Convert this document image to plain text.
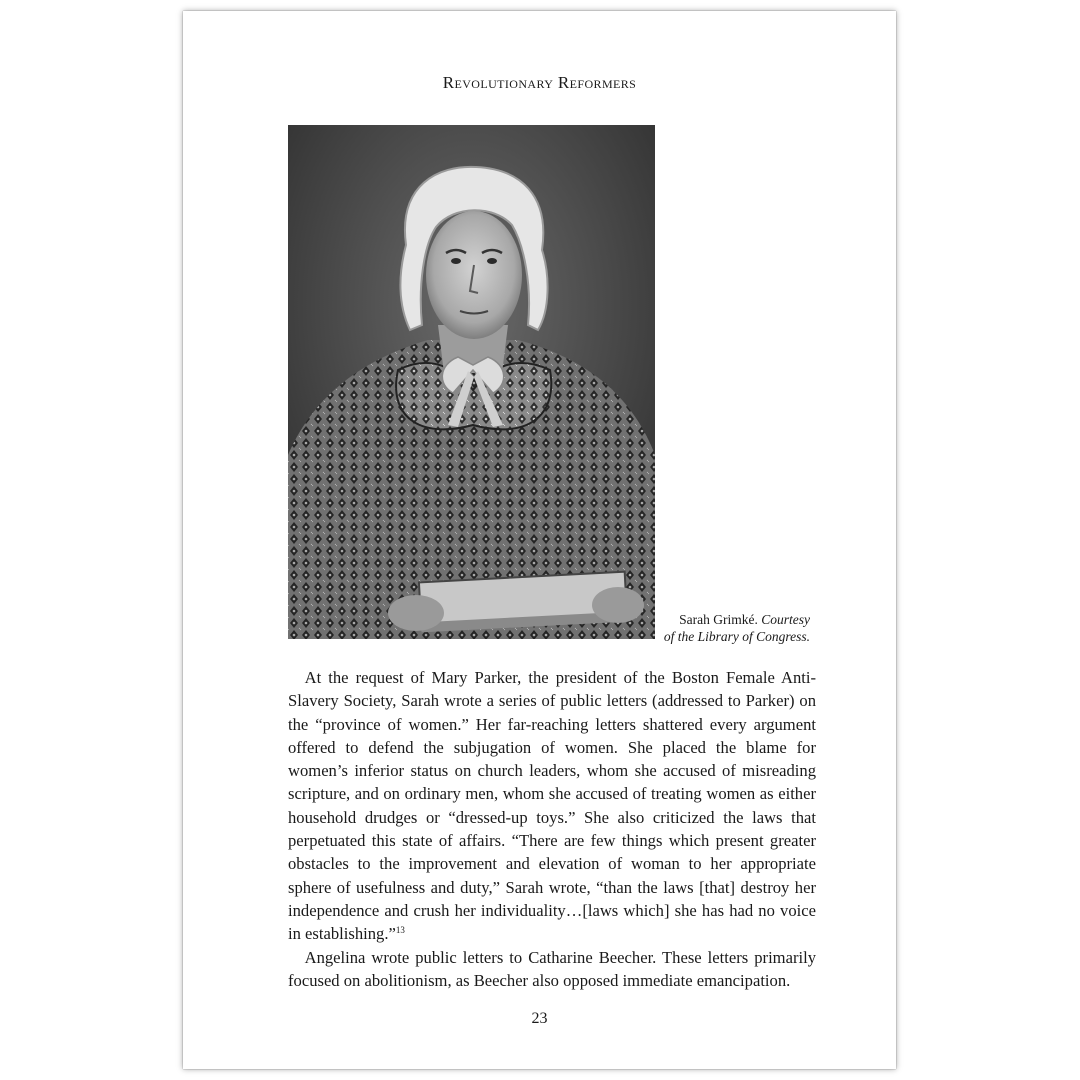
Revolutionary Reformers
Sarah Grimké. Courtesy
of the Library of Congress.

 At the request of Mary Parker, the president of the Boston Female Anti-Slavery Society, Sarah wrote a series of public letters (addressed to Parker) on the “province of women.” Her far-reaching letters shattered every argument offered to defend the subjugation of women. She placed the blame for women’s inferior status on church leaders, whom she accused of misreading scripture, and on ordinary men, whom she accused of treating women as either household drudges or “dressed-up toys.” She also criticized the laws that perpetuated this state of affairs. “There are few things which present greater obstacles to the improvement and elevation of woman to her appropriate sphere of usefulness and duty,” Sarah wrote, “than the laws [that] destroy her independence and crush her individuality…[laws which] she has had no voice in establishing.”$^{13}$

 Angelina wrote public letters to Catharine Beecher. These letters primarily focused on abolitionism, as Beecher also opposed immediate emancipation.

23
